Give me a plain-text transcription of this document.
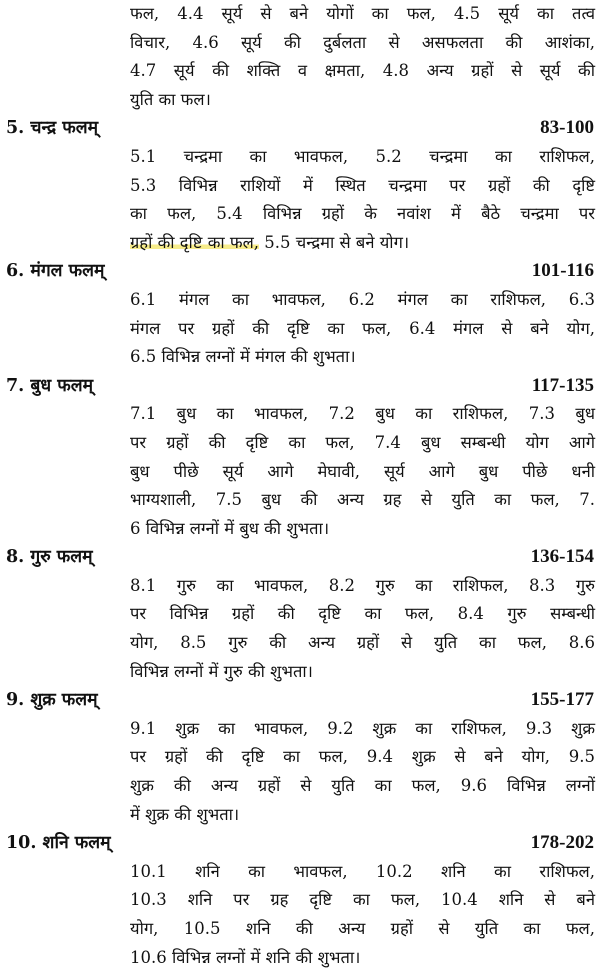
फल, 4.4 सूर्य से बने योगों का फल, 4.5 सूर्य का तत्व
विचार, 4.6 सूर्य की दुर्बलता से असफलता की आशंका,
4.7 सूर्य की शक्ति व क्षमता, 4.8 अन्य ग्रहों से सूर्य की
युति का फल।
5. चन्द्र फलम्	83-100
5.1 चन्द्रमा का भावफल, 5.2 चन्द्रमा का राशिफल,
5.3 विभिन्न राशियों में स्थित चन्द्रमा पर ग्रहों की दृष्टि
का फल, 5.4 विभिन्न ग्रहों के नवांश में बैठे चन्द्रमा पर
ग्रहों की दृष्टि का फल, 5.5 चन्द्रमा से बने योग।
6. मंगल फलम्	101-116
6.1 मंगल का भावफल, 6.2 मंगल का राशिफल, 6.3
मंगल पर ग्रहों की दृष्टि का फल, 6.4 मंगल से बने योग,
6.5 विभिन्न लग्नों में मंगल की शुभता।
7. बुध फलम्	117-135
7.1 बुध का भावफल, 7.2 बुध का राशिफल, 7.3 बुध
पर ग्रहों की दृष्टि का फल, 7.4 बुध सम्बन्धी योग आगे
बुध पीछे सूर्य आगे मेघावी, सूर्य आगे बुध पीछे धनी
भाग्यशाली, 7.5 बुध की अन्य ग्रह से युति का फल, 7.
6 विभिन्न लग्नों में बुध की शुभता।
8. गुरु फलम्	136-154
8.1 गुरु का भावफल, 8.2 गुरु का राशिफल, 8.3 गुरु
पर विभिन्न ग्रहों की दृष्टि का फल, 8.4 गुरु सम्बन्धी
योग, 8.5 गुरु की अन्य ग्रहों से युति का फल, 8.6
विभिन्न लग्नों में गुरु की शुभता।
9. शुक्र फलम्	155-177
9.1 शुक्र का भावफल, 9.2 शुक्र का राशिफल, 9.3 शुक्र
पर ग्रहों की दृष्टि का फल, 9.4 शुक्र से बने योग, 9.5
शुक्र की अन्य ग्रहों से युति का फल, 9.6 विभिन्न लग्नों
में शुक्र की शुभता।
10. शनि फलम्	178-202
10.1 शनि का भावफल, 10.2 शनि का राशिफल,
10.3 शनि पर ग्रह दृष्टि का फल, 10.4 शनि से बने
योग, 10.5 शनि की अन्य ग्रहों से युति का फल,
10.6 विभिन्न लग्नों में शनि की शुभता।
